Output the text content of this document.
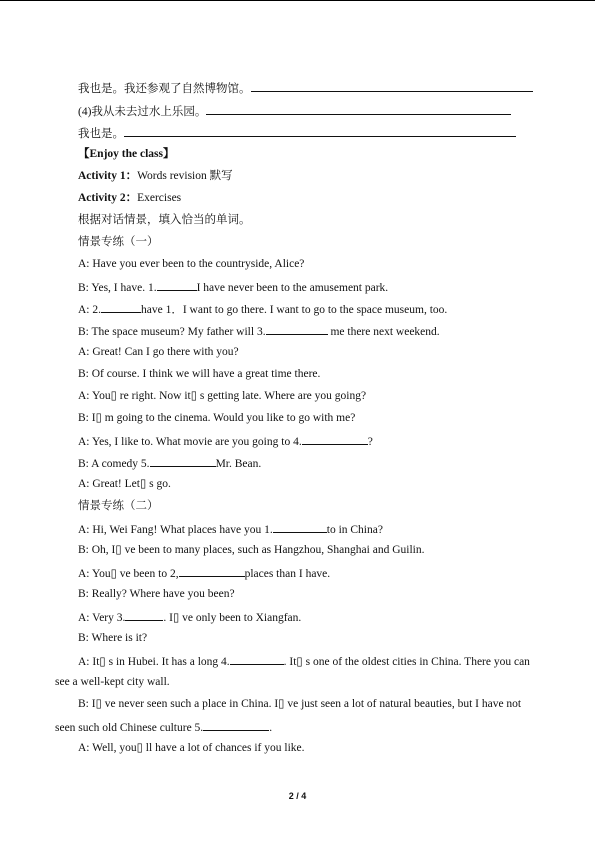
我也是。我还参观了自然博物馆。
(4)我从未去过水上乐园。
我也是。
【Enjoy the class】
Activity 1：Words revision 默写
Activity 2：Exercises
根据对话情景，填入恰当的单词。
情景专练（一）
A: Have you ever been to the countryside, Alice?
B: Yes, I have. 1.	I have never been to the amusement park.
A: 2.	have 1．I want to go there. I want to go to the space museum, too.
B: The space museum? My father will 3.	me there next weekend.
A: Great! Can I go there with you?
B: Of course. I think we will have a great time there.
A: You▯ re right. Now it▯ s getting late. Where are you going?
B: I▯ m going to the cinema. Would you like to go with me?
A: Yes, I like to. What movie are you going to 4.	?
B: A comedy 5.	Mr. Bean.
A: Great! Let▯ s go.
情景专练（二）
A: Hi, Wei Fang! What places have you 1.	to in China?
B: Oh, I▯ ve been to many places, such as Hangzhou, Shanghai and Guilin.
A: You▯ ve been to 2,	places than I have.
B: Really? Where have you been?
A: Very 3.	. I▯ ve only been to Xiangfan.
B: Where is it?
A: It▯ s in Hubei. It has a long 4.	. It▯ s one of the oldest cities in China. There you can
see a well-kept city wall.
B: I▯ ve never seen such a place in China. I▯ ve just seen a lot of natural beauties, but I have not
seen such old Chinese culture 5.	.
A: Well, you▯ ll have a lot of chances if you like.
2 / 4
